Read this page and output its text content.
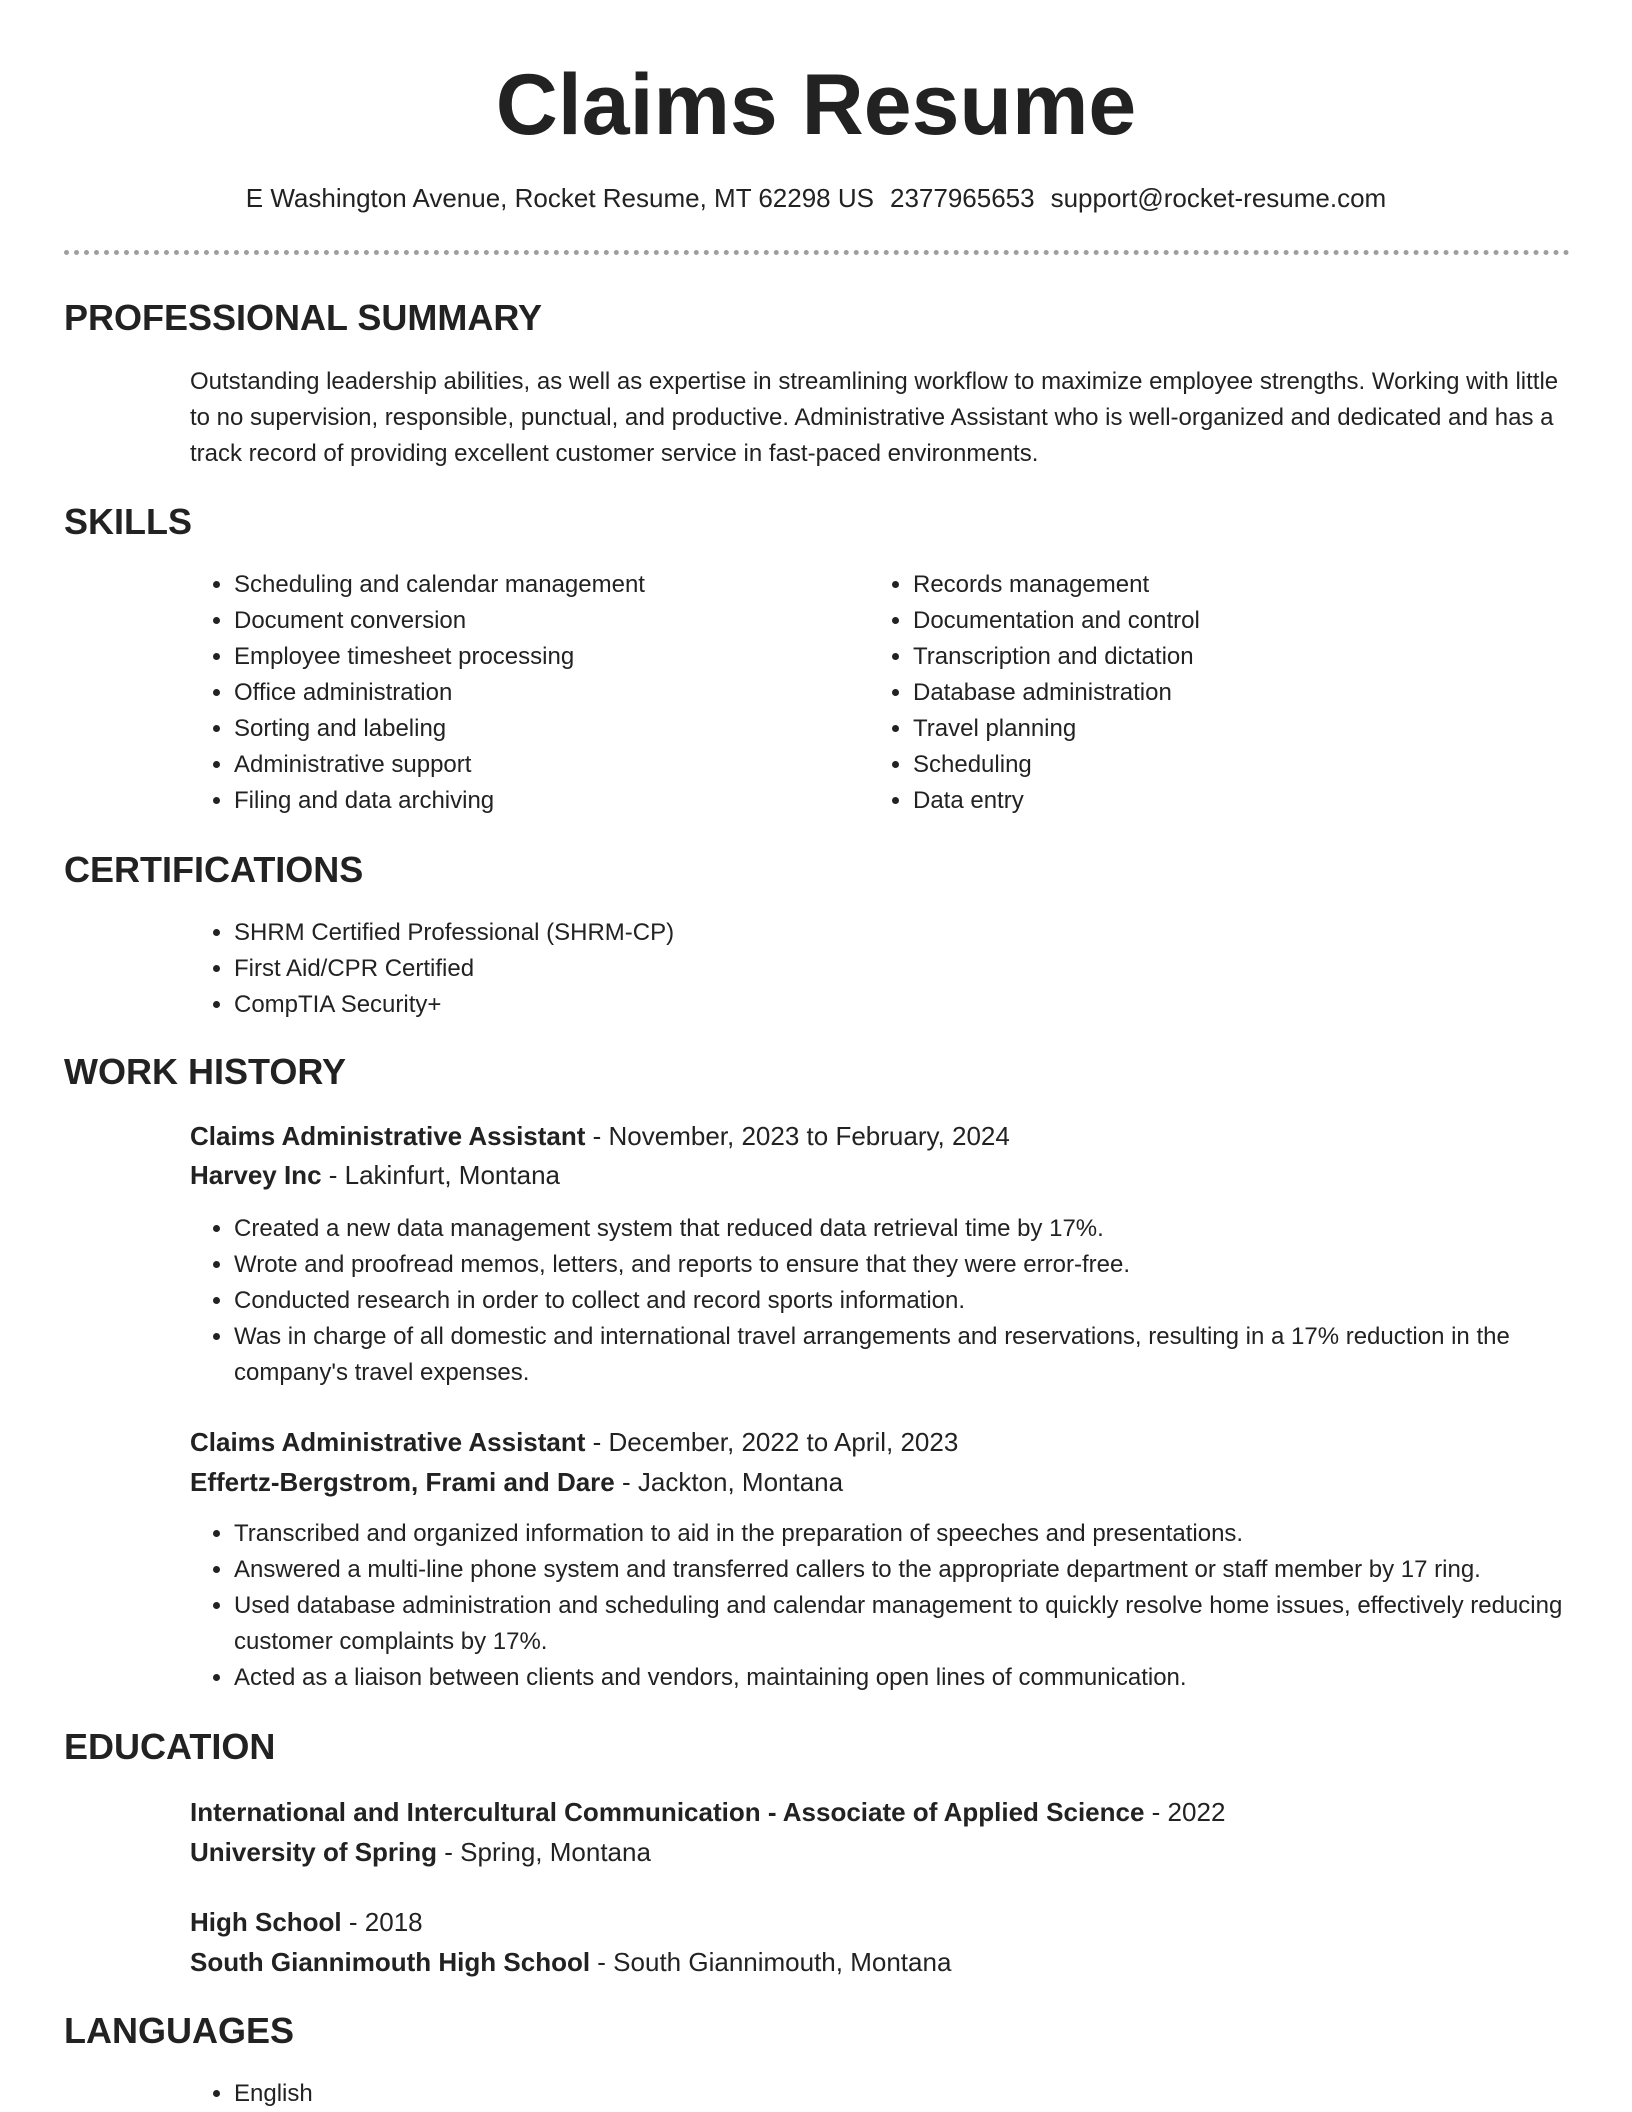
Claims Resume
E Washington Avenue, Rocket Resume, MT 62298 US 2377965653 support@rocket-resume.com
PROFESSIONAL SUMMARY

Outstanding leadership abilities, as well as expertise in streamlining workflow to maximize employee strengths. Working with little to no supervision, responsible, punctual, and productive. Administrative Assistant who is well-organized and dedicated and has a track record of providing excellent customer service in fast-paced environments.

SKILLS
• Scheduling and calendar management
• Document conversion
• Employee timesheet processing
• Office administration
• Sorting and labeling
• Administrative support
• Filing and data archiving
• Records management
• Documentation and control
• Transcription and dictation
• Database administration
• Travel planning
• Scheduling
• Data entry
CERTIFICATIONS
• SHRM Certified Professional (SHRM-CP)
• First Aid/CPR Certified
• CompTIA Security+
WORK HISTORY
Claims Administrative Assistant - November, 2023 to February, 2024
Harvey Inc - Lakinfurt, Montana
• Created a new data management system that reduced data retrieval time by 17%.
• Wrote and proofread memos, letters, and reports to ensure that they were error-free.
• Conducted research in order to collect and record sports information.
• Was in charge of all domestic and international travel arrangements and reservations, resulting in a 17% reduction in the company's travel expenses.
Claims Administrative Assistant - December, 2022 to April, 2023
Effertz-Bergstrom, Frami and Dare - Jackton, Montana
• Transcribed and organized information to aid in the preparation of speeches and presentations.
• Answered a multi-line phone system and transferred callers to the appropriate department or staff member by 17 ring.
• Used database administration and scheduling and calendar management to quickly resolve home issues, effectively reducing customer complaints by 17%.
• Acted as a liaison between clients and vendors, maintaining open lines of communication.
EDUCATION
International and Intercultural Communication - Associate of Applied Science - 2022
University of Spring - Spring, Montana
High School - 2018
South Giannimouth High School - South Giannimouth, Montana
LANGUAGES
• English
